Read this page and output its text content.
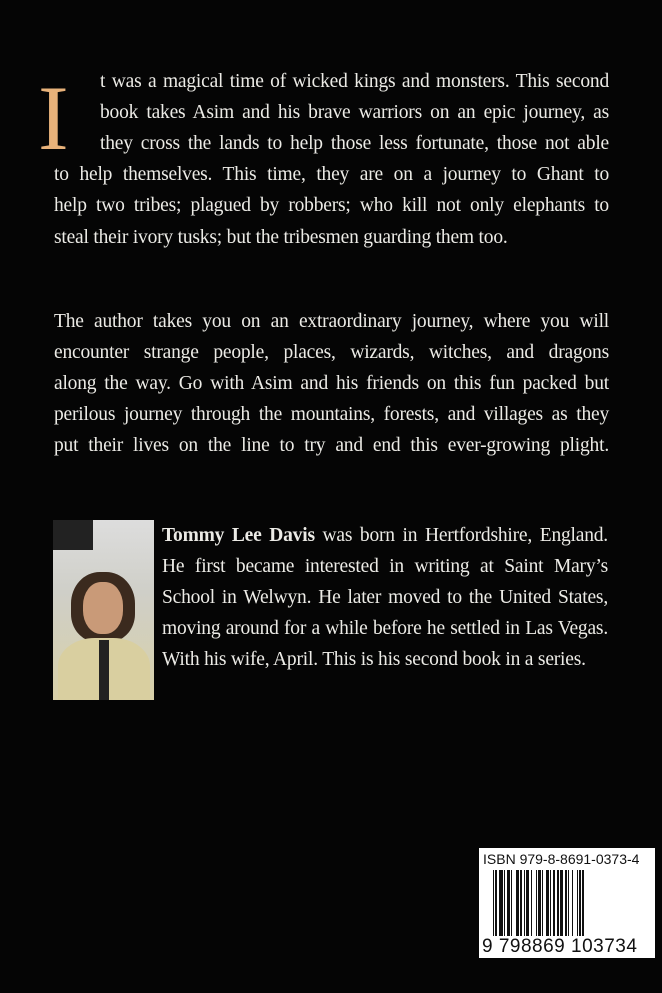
I t was a magical time of wicked kings and monsters. This second
book takes Asim and his brave warriors on an epic journey, as
they cross the lands to help those less fortunate, those not able
to help themselves. This time, they are on a journey to Ghant to
help two tribes; plagued by robbers; who kill not only elephants to
steal their ivory tusks; but the tribesmen guarding them too.
The author takes you on an extraordinary journey, where you will
encounter strange people, places, wizards, witches, and dragons
along the way. Go with Asim and his friends on this fun packed but
perilous journey through the mountains, forests, and villages as they
put their lives on the line to try and end this ever-growing plight.
Tommy Lee Davis was born in Hertfordshire, England.
He first became interested in writing at Saint Mary’s
School in Welwyn. He later moved to the United States,
moving around for a while before he settled in Las Vegas.
With his wife, April. This is his second book in a series.
ISBN 979-8-8691-0373-4
9 798869 103734
